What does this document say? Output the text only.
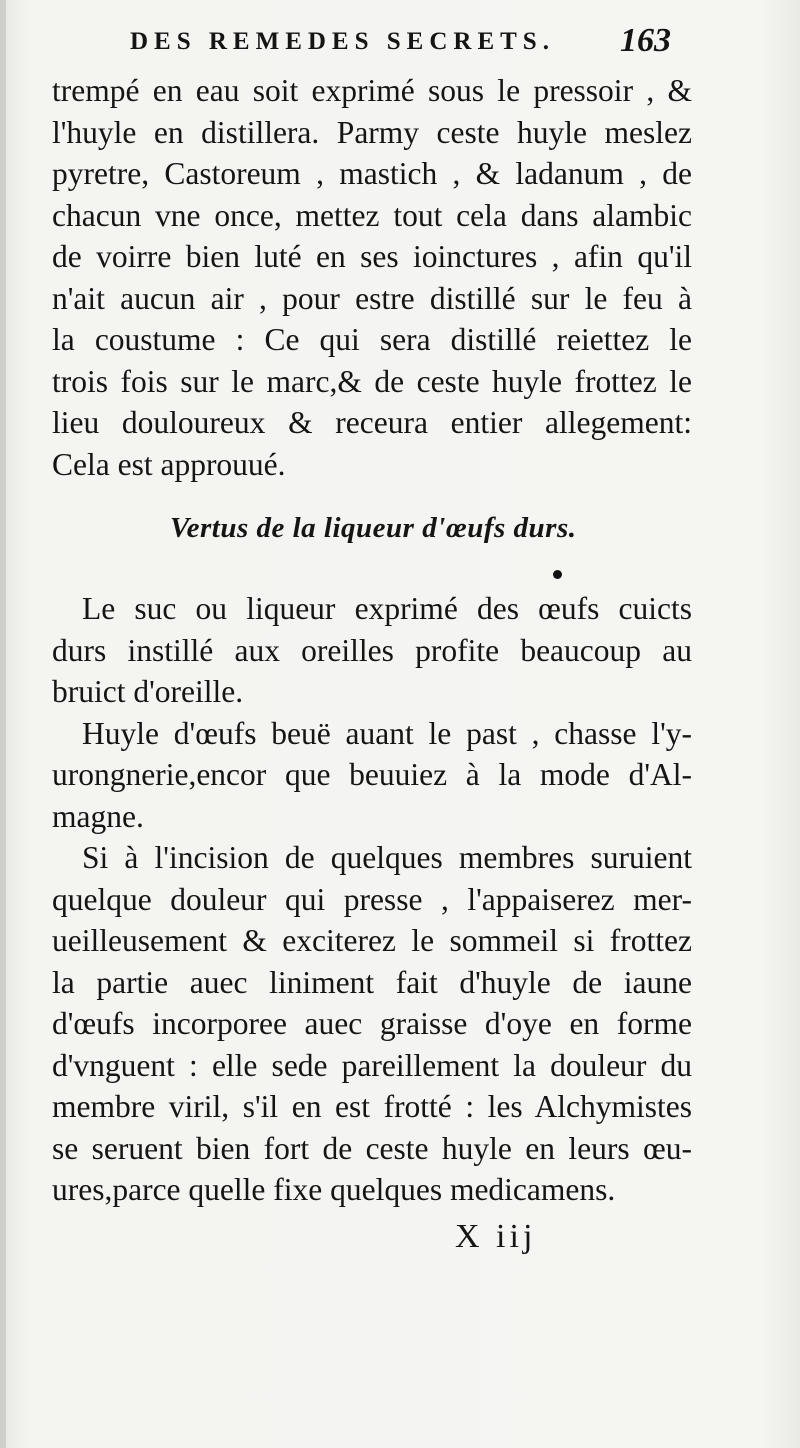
DES REMEDES SECRETS. 163
trempé en eau soit exprimé sous le pressoir , &
l'huyle en distillera. Parmy ceste huyle meslez
pyretre, Castoreum , mastich , & ladanum , de
chacun vne once, mettez tout cela dans alambic
de voirre bien luté en ses ioinctures , afin qu'il
n'ait aucun air , pour estre distillé sur le feu à
la coustume : Ce qui sera distillé reiettez le
trois fois sur le marc,& de ceste huyle frottez le
lieu douloureux & receura entier allegement:
Cela est approuué.
Vertus de la liqueur d'œufs durs.
Le suc ou liqueur exprimé des œufs cuicts
durs instillé aux oreilles profite beaucoup au
bruict d'oreille.
Huyle d'œufs beuë auant le past , chasse l'y-
urongnerie,encor que beuuiez à la mode d'Al-
magne.
Si à l'incision de quelques membres suruient
quelque douleur qui presse , l'appaiserez mer-
ueilleusement & exciterez le sommeil si frottez
la partie auec liniment fait d'huyle de iaune
d'œufs incorporee auec graisse d'oye en forme
d'vnguent : elle sede pareillement la douleur du
membre viril, s'il en est frotté : les Alchymistes
se seruent bien fort de ceste huyle en leurs œu-
ures,parce quelle fixe quelques medicamens.
X iij
